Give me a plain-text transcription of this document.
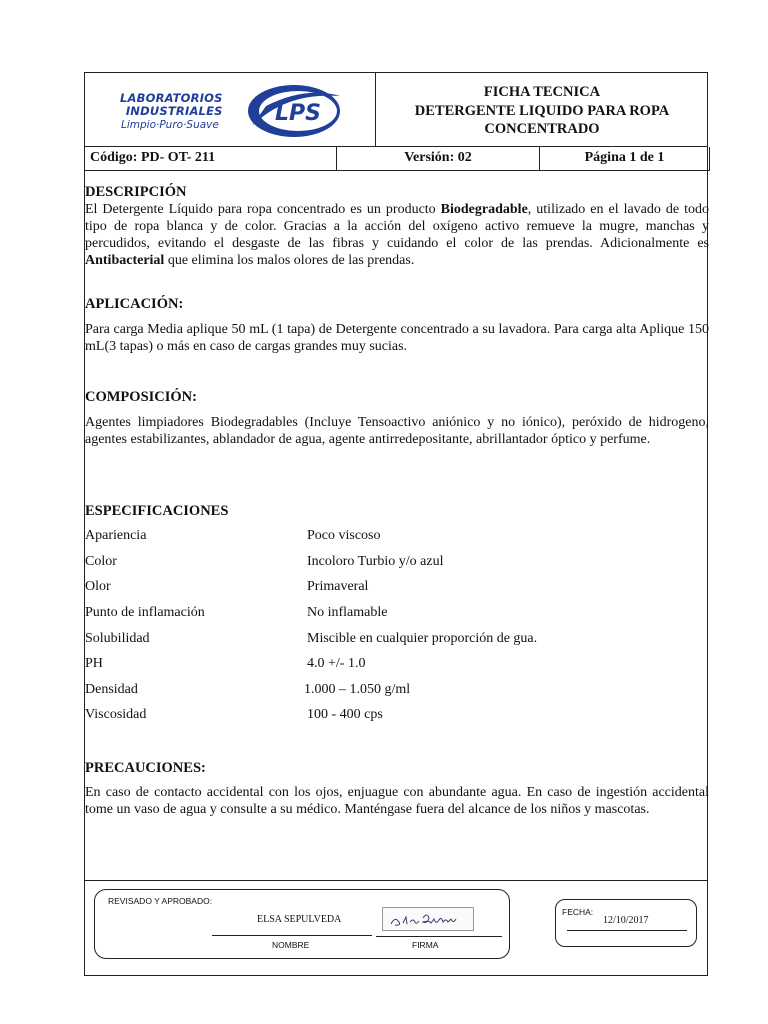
LABORATORIOS
INDUSTRIALES
Limpio·Puro·Suave	LPS
FICHA TECNICA
DETERGENTE LIQUIDO PARA ROPA
CONCENTRADO
Código: PD- OT- 211	Versión: 02	Página 1 de 1
DESCRIPCIÓN

El Detergente Líquido para ropa concentrado es un producto Biodegradable, utilizado en el lavado de todo tipo de ropa blanca y de color. Gracias a la acción del oxígeno activo remueve la mugre, manchas y percudidos, evitando el desgaste de las fibras y cuidando el color de las prendas. Adicionalmente es Antibacterial que elimina los malos olores de las prendas.

APLICACIÓN:

Para carga Media aplique 50 mL (1 tapa) de Detergente concentrado a su lavadora. Para carga alta Aplique 150 mL(3 tapas) o más en caso de cargas grandes muy sucias.

COMPOSICIÓN:

Agentes limpiadores Biodegradables (Incluye Tensoactivo aniónico y no iónico), peróxido de hidrogeno, agentes estabilizantes, ablandador de agua, agente antirredepositante, abrillantador óptico y perfume.

ESPECIFICACIONES
Apariencia	Poco viscoso
Color	Incoloro Turbio y/o azul
Olor	Primaveral
Punto de inflamación	No inflamable
Solubilidad	Miscible en cualquier proporción de gua.
PH	4.0 +/- 1.0
Densidad	1.000 – 1.050 g/ml
Viscosidad	100 - 400 cps
PRECAUCIONES:

En caso de contacto accidental con los ojos, enjuague con abundante agua. En caso de ingestión accidental tome un vaso de agua y consulte a su médico. Manténgase fuera del alcance de los niños y mascotas.

REVISADO Y APROBADO:
ELSA SEPULVEDA
NOMBRE	FIRMA
FECHA:
12/10/2017
